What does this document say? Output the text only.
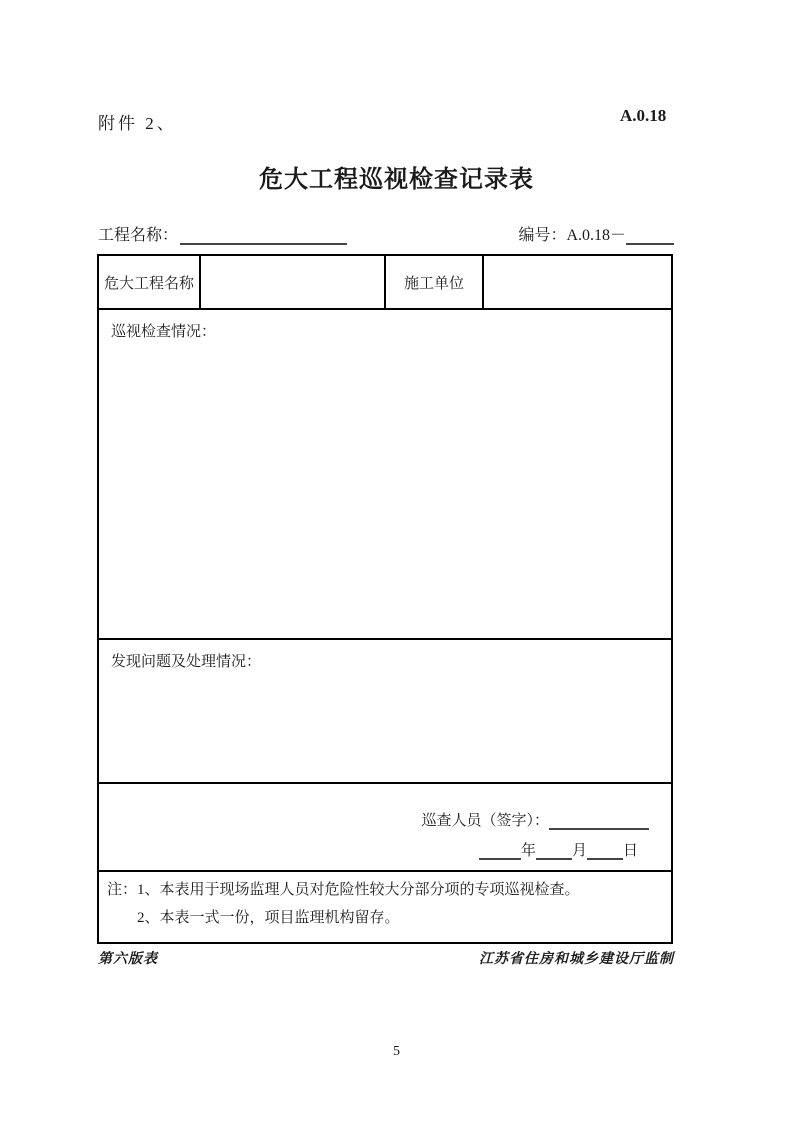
附件 2、	A.0.18
危大工程巡视检查记录表
工程名称：	编号：A.0.18－
危大工程名称	施工单位
巡视检查情况：
发现问题及处理情况：
巡查人员（签字）：
年 月 日
注：1、本表用于现场监理人员对危险性较大分部分项的专项巡视检查。
2、本表一式一份，项目监理机构留存。
第六版表	江苏省住房和城乡建设厅监制
5
